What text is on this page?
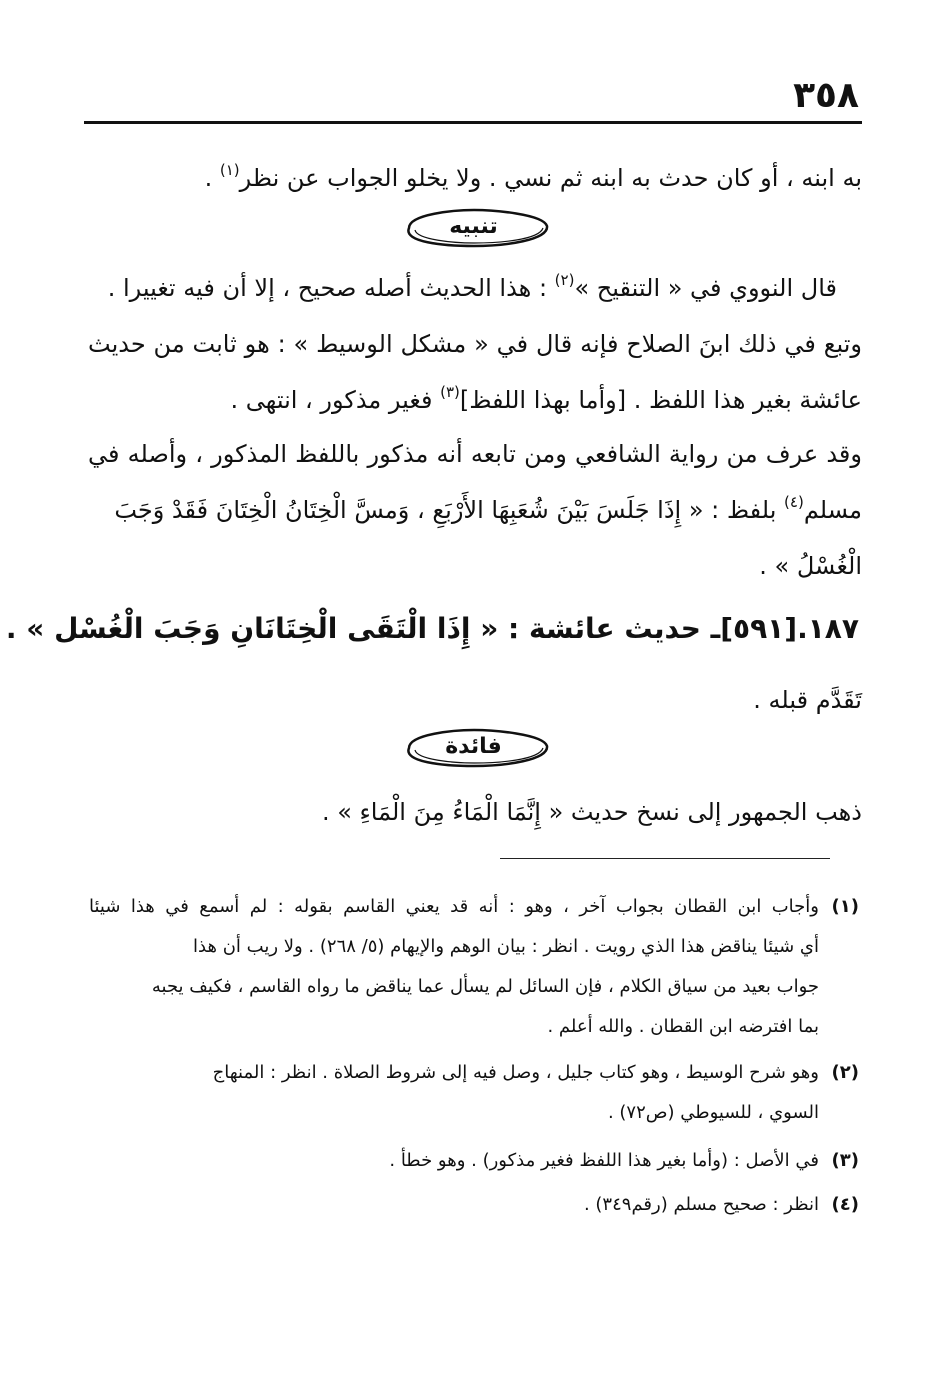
٣٥٨
به ابنه ، أو كان حدث به ابنه ثم نسي . ولا يخلو الجواب عن نظر$^{(١)}$ .
تنبيه
قال النووي في « التنقيح »$^{(٢)}$ : هذا الحديث أصله صحيح ، إلا أن فيه تغييرا .
وتبع في ذلك ابنَ الصلاح فإنه قال في « مشكل الوسيط » : هو ثابت من حديث
عائشة بغير هذا اللفظ . [وأما بهذا اللفظ]$^{(٣)}$ فغير مذكور ، انتهى .
وقد عرف من رواية الشافعي ومن تابعه أنه مذكور باللفظ المذكور ، وأصله في
مسلم$^{(٤)}$ بلفظ : « إِذَا جَلَسَ بَيْنَ شُعَبِهَا الأَرْبَعِ ، وَمسَّ الْخِتَانُ الْخِتَانَ فَقَدْ وَجَبَ
الْغُسْلُ » .
١٨٧.[٥٩١]ـ حديث عائشة : « إِذَا الْتَقَى الْخِتَانَانِ وَجَبَ الْغُسْل » .
تَقَدَّم قبله .
فائدة
ذهب الجمهور إلى نسخ حديث « إِنَّمَا الْمَاءُ مِنَ الْمَاءِ » .
(١)وأجاب ابن القطان بجواب آخر ، وهو : أنه قد يعني القاسم بقوله : لم أسمع في هذا شيئا
أي شيئا يناقض هذا الذي رويت . انظر : بيان الوهم والإيهام (٥/ ٢٦٨) . ولا ريب أن هذا
جواب بعيد من سياق الكلام ، فإن السائل لم يسأل عما يناقض ما رواه القاسم ، فكيف يجبه
بما افترضه ابن القطان . والله أعلم .
(٢)وهو شرح الوسيط ، وهو كتاب جليل ، وصل فيه إلى شروط الصلاة . انظر : المنهاج
السوي ، للسيوطي (ص٧٢) .
(٣)في الأصل : (وأما بغير هذا اللفظ فغير مذكور) . وهو خطأ .
(٤)انظر : صحيح مسلم (رقم٣٤٩) .
